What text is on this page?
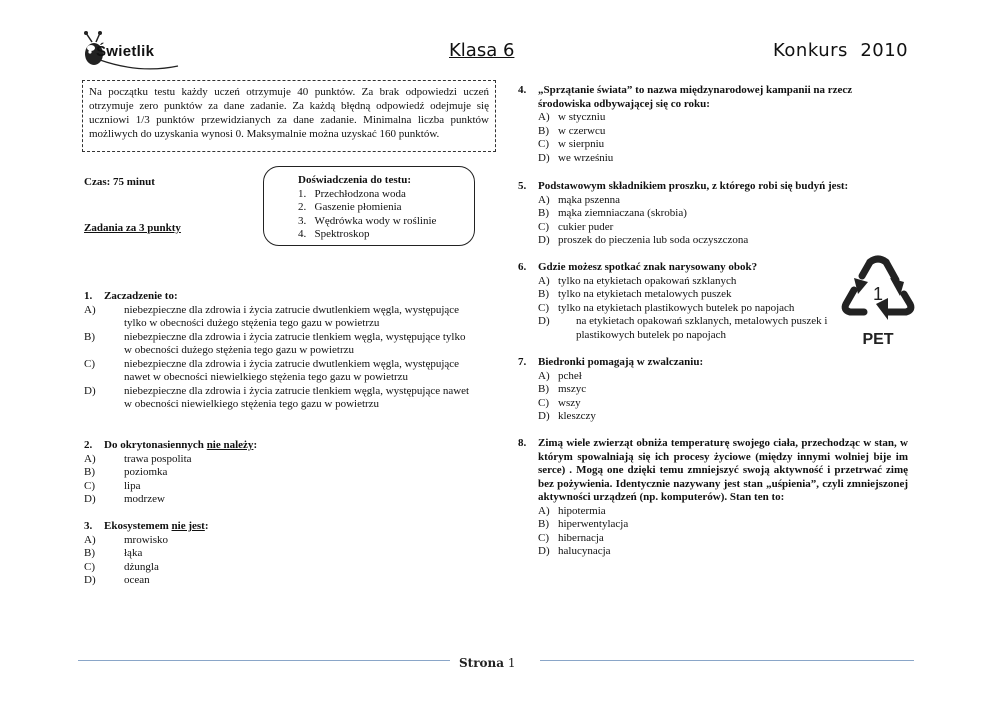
Świetlik	Klasa 6	Konkurs  2010
Na początku testu każdy uczeń otrzymuje 40 punktów. Za brak odpowiedzi uczeń otrzymuje zero punktów za dane zadanie. Za każdą błędną odpowiedź odejmuje się uczniowi 1/3 punktów przewidzianych za dane zadanie. Minimalna liczba punktów możliwych do uzyskania wynosi 0. Maksymalnie można uzyskać 160 punktów.
Czas: 75 minut
Zadania za 3 punkty
Doświadczenia do testu:
1. Przechłodzona woda
2. Gaszenie płomienia
3. Wędrówka wody w roślinie
4. Spektroskop
1. Zaczadzenie to:
A)	niebezpieczne dla zdrowia i życia zatrucie dwutlenkiem węgla, występujące tylko w obecności dużego stężenia tego gazu w powietrzu
B)	niebezpieczne dla zdrowia i życia zatrucie tlenkiem węgla, występujące tylko w obecności dużego stężenia tego gazu w powietrzu
C)	niebezpieczne dla zdrowia i życia zatrucie dwutlenkiem węgla, występujące nawet w obecności niewielkiego stężenia tego gazu w powietrzu
D)	niebezpieczne dla zdrowia i życia zatrucie tlenkiem węgla, występujące nawet w obecności niewielkiego stężenia tego gazu w powietrzu
2. Do okrytonasiennych nie należy:
A)	trawa pospolita
B)	poziomka
C)	lipa
D)	modrzew
3. Ekosystemem nie jest:
A)	mrowisko
B)	łąka
C)	dżungla
D)	ocean
4. „Sprzątanie świata” to nazwa międzynarodowej kampanii na rzecz środowiska odbywającej się co roku:
A) w styczniu
B) w czerwcu
C) w sierpniu
D) we wrześniu
5. Podstawowym składnikiem proszku, z którego robi się budyń jest:
A) mąka pszenna
B) mąka ziemniaczana (skrobia)
C) cukier puder
D) proszek do pieczenia lub soda oczyszczona
6. Gdzie możesz spotkać znak narysowany obok?
A) tylko na etykietach opakowań szklanych
B) tylko na etykietach metalowych puszek
C) tylko na etykietach plastikowych butelek po napojach
D) na etykietach opakowań szklanych, metalowych puszek i plastikowych butelek po napojach
1
PET
7. Biedronki pomagają w zwalczaniu:
A) pcheł
B) mszyc
C) wszy
D) kleszczy
8. Zimą wiele zwierząt obniża temperaturę swojego ciała, przechodząc w stan, w którym spowalniają się ich procesy życiowe (między innymi wolniej bije im serce) . Mogą one dzięki temu zmniejszyć swoją aktywność i przetrwać zimę bez pożywienia. Identycznie nazywany jest stan „uśpienia”, czyli zmniejszonej aktywności urządzeń (np. komputerów). Stan ten to:
A) hipotermia
B) hiperwentylacja
C) hibernacja
D) halucynacja
Strona 1
